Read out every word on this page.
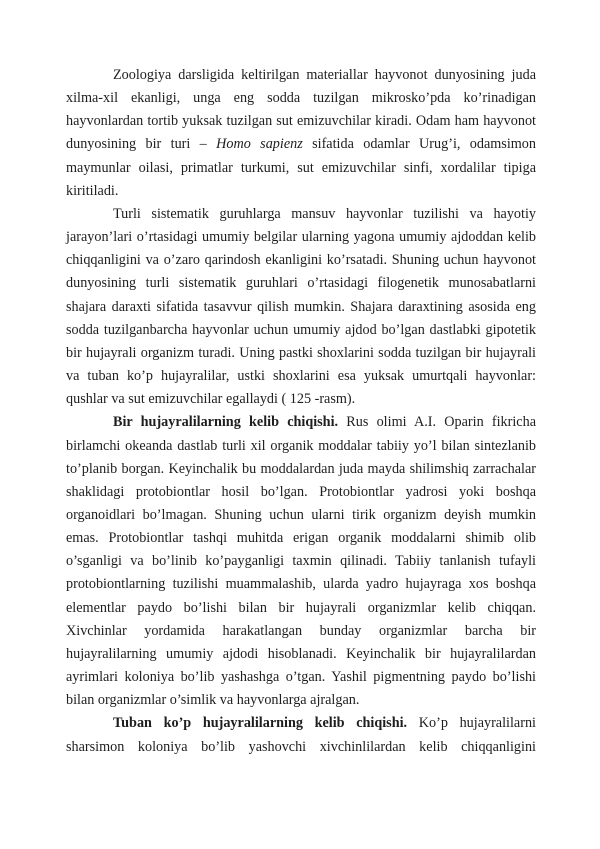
Zoologiya darsligida keltirilgan materiallar hayvonot dunyosining juda xilma-xil ekanligi, unga eng sodda tuzilgan mikrosko’pda ko’rinadigan hayvonlardan tortib yuksak tuzilgan sut emizuvchilar kiradi. Odam ham hayvonot dunyosining bir turi – Homo sapienz sifatida odamlar Urug’i, odamsimon maymunlar oilasi, primatlar turkumi, sut emizuvchilar sinfi, xordalilar tipiga kiritiladi.

Turli sistematik guruhlarga mansuv hayvonlar tuzilishi va hayotiy jarayon’lari o’rtasidagi umumiy belgilar ularning yagona umumiy ajdoddan kelib chiqqanligini va o’zaro qarindosh ekanligini ko’rsatadi. Shuning uchun hayvonot dunyosining turli sistematik guruhlari o’rtasidagi filogenetik munosabatlarni shajara daraxti sifatida tasavvur qilish mumkin. Shajara daraxtining asosida eng sodda tuzilganbarcha hayvonlar uchun umumiy ajdod bo’lgan dastlabki gipotetik bir hujayrali organizm turadi. Uning pastki shoxlarini sodda tuzilgan bir hujayrali va tuban ko’p hujayralilar, ustki shoxlarini esa yuksak umurtqali hayvonlar: qushlar va sut emizuvchilar egallaydi ( 125 -rasm).

Bir hujayralilarning kelib chiqishi. Rus olimi A.I. Oparin fikricha birlamchi okeanda dastlab turli xil organik moddalar tabiiy yo’l bilan sintezlanib to’planib borgan. Keyinchalik bu moddalardan juda mayda shilimshiq zarrachalar shaklidagi protobiontlar hosil bo’lgan. Protobiontlar yadrosi yoki boshqa organoidlari bo’lmagan. Shuning uchun ularni tirik organizm deyish mumkin emas. Protobiontlar tashqi muhitda erigan organik moddalarni shimib olib o’sganligi va bo’linib ko’payganligi taxmin qilinadi. Tabiiy tanlanish tufayli protobiontlarning tuzilishi muammalashib, ularda yadro hujayraga xos boshqa elementlar paydo bo’lishi bilan bir hujayrali organizmlar kelib chiqqan. Xivchinlar yordamida harakatlangan bunday organizmlar barcha bir hujayralilarning umumiy ajdodi hisoblanadi. Keyinchalik bir hujayralilardan ayrimlari koloniya bo’lib yashashga o’tgan. Yashil pigmentning paydo bo’lishi bilan organizmlar o’simlik va hayvonlarga ajralgan.

Tuban ko’p hujayralilarning kelib chiqishi. Ko’p hujayralilarni sharsimon koloniya bo’lib yashovchi xivchinlilardan kelib chiqqanligini
